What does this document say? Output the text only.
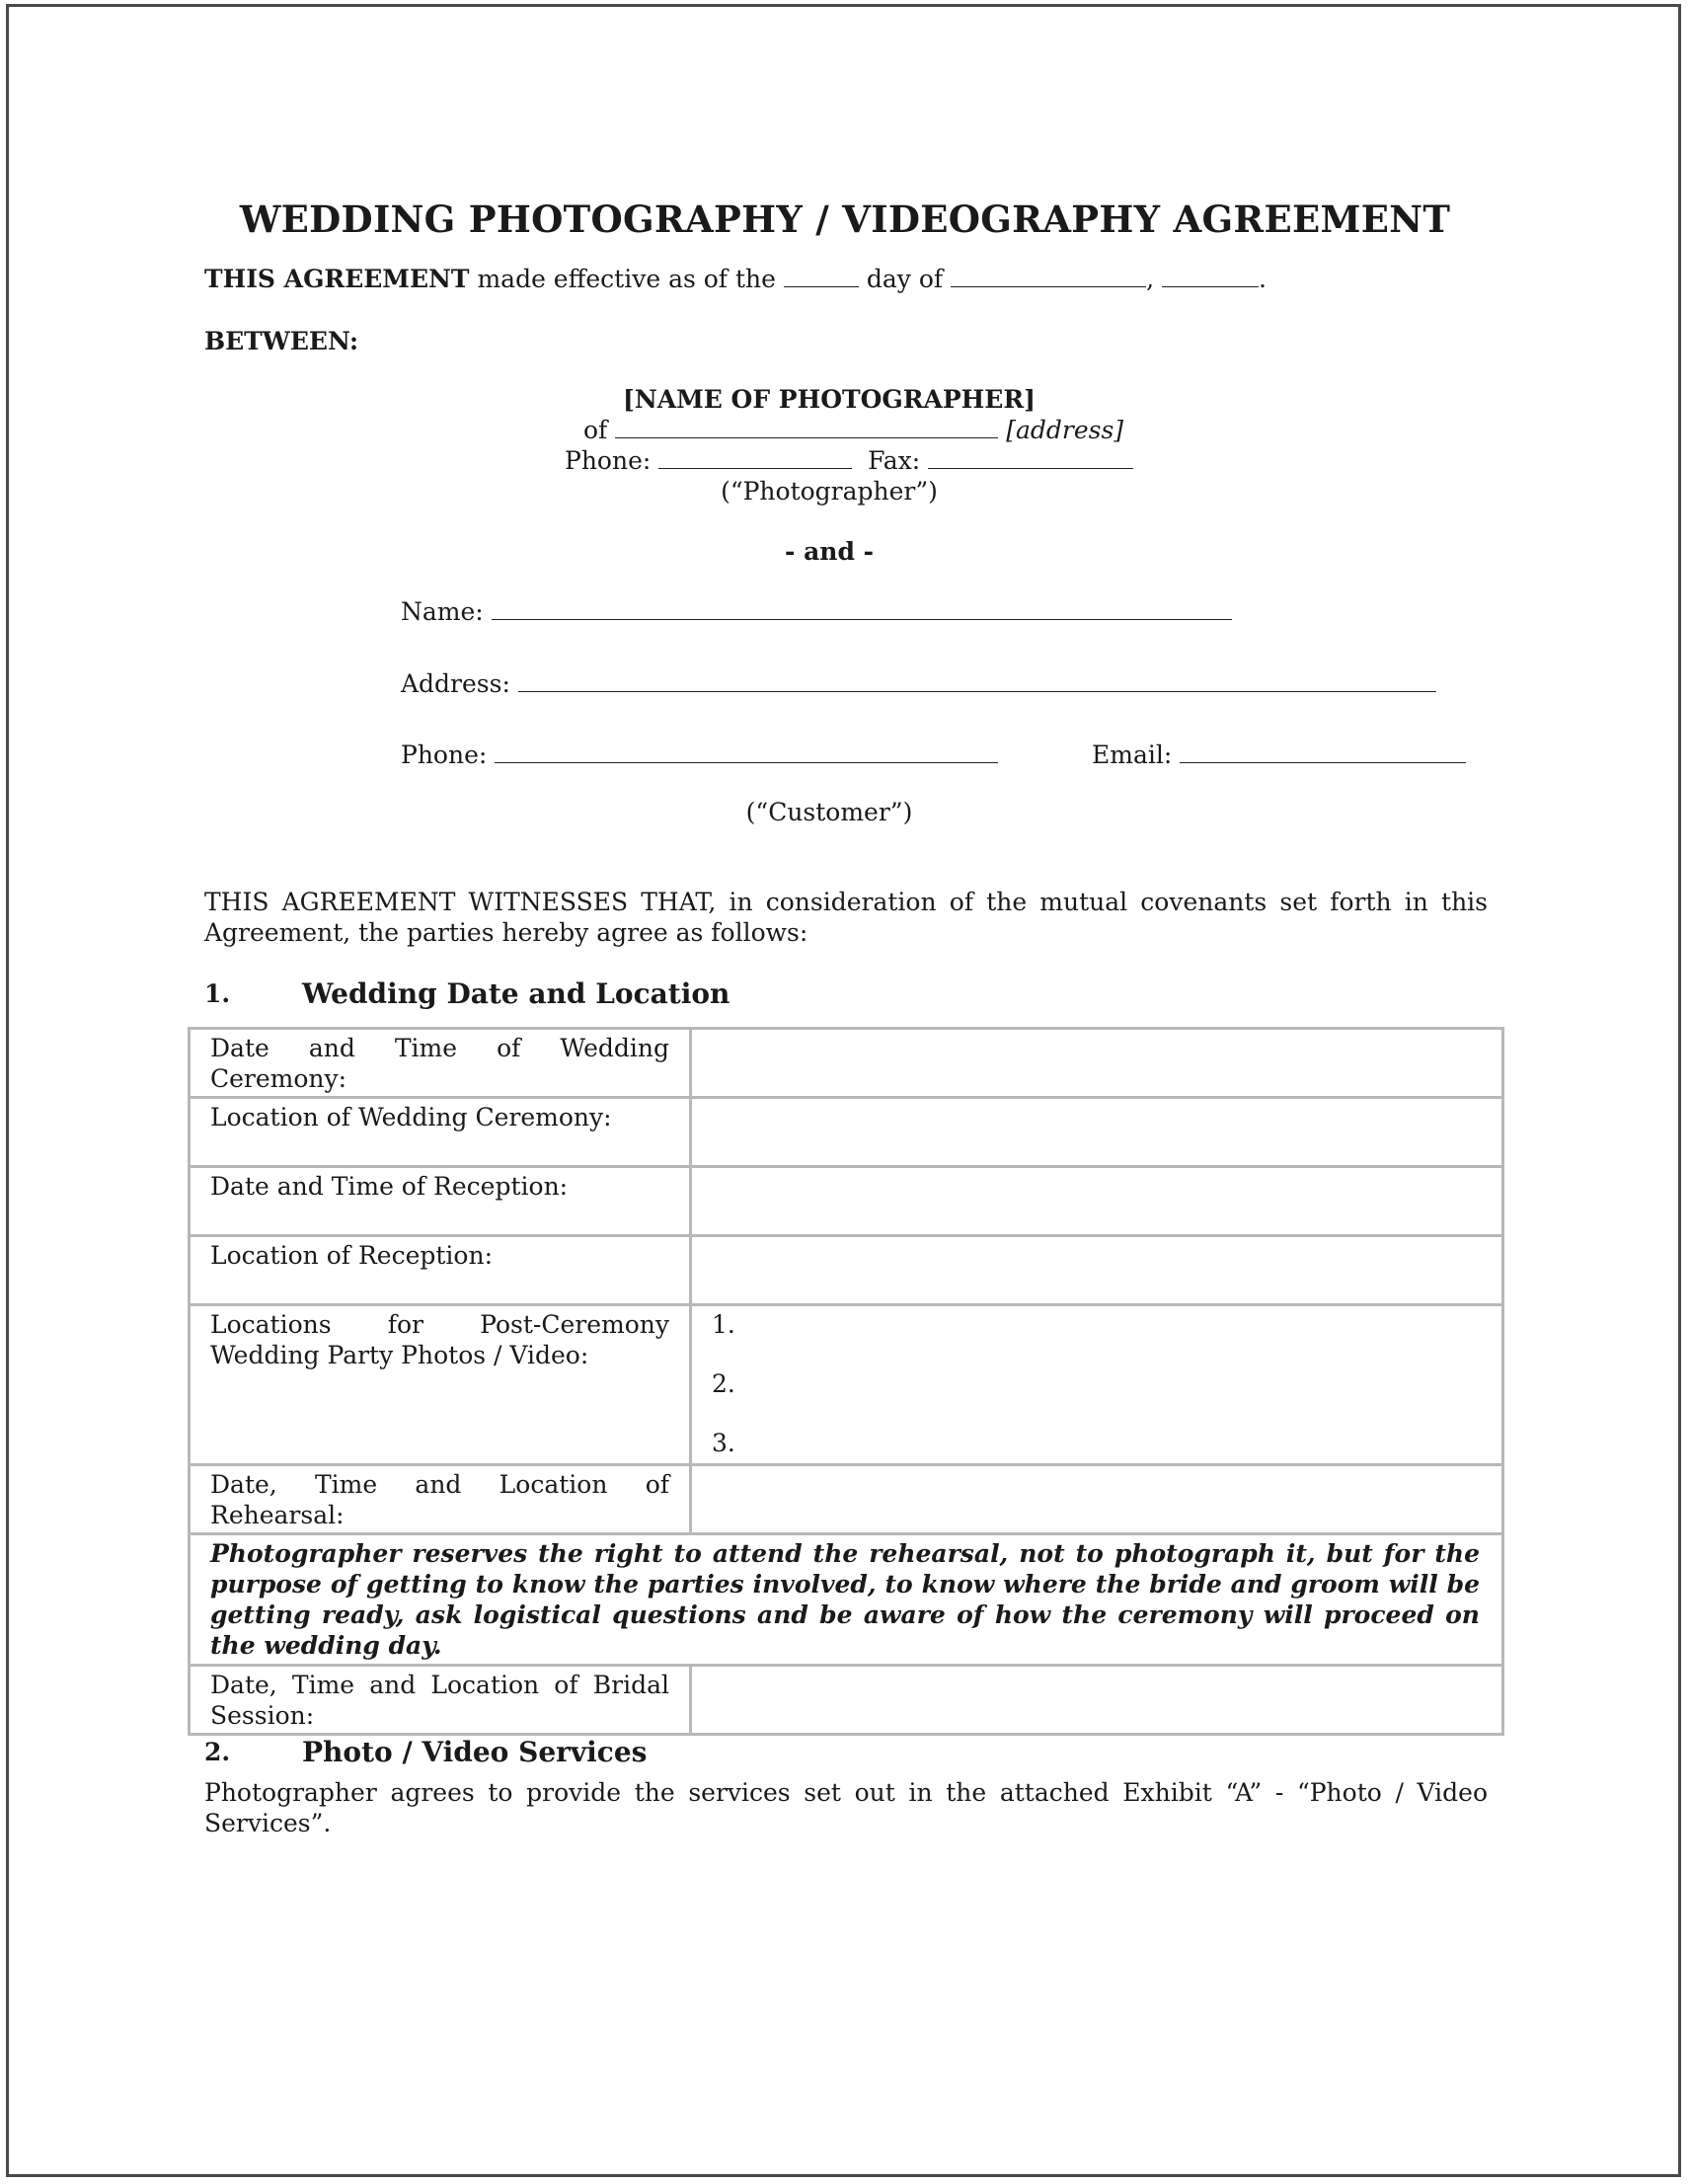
WEDDING PHOTOGRAPHY / VIDEOGRAPHY AGREEMENT
THIS AGREEMENT made effective as of the	day of	,	.
BETWEEN:
[NAME OF PHOTOGRAPHER]
of	[address]
Phone:	Fax:
(“Photographer”)
- and -
Name:
Address:
Phone:	Email:
(“Customer”)
THIS AGREEMENT WITNESSES THAT, in consideration of the mutual covenants set forth in this Agreement, the parties hereby agree as follows:
1.	Wedding Date and Location
Date and Time of Wedding Ceremony:	
Location of Wedding Ceremony:	
Date and Time of Reception:	
Location of Reception:	
Locations for Post-Ceremony Wedding Party Photos / Video:	1.
2.
3.

Date, Time and Location of Rehearsal:	
Photographer reserves the right to attend the rehearsal, not to photograph it, but for the purpose of getting to know the parties involved, to know where the bride and groom will be getting ready, ask logistical questions and be aware of how the ceremony will proceed on the wedding day.	
Date, Time and Location of Bridal Session:	
2.	Photo / Video Services
Photographer agrees to provide the services set out in the attached Exhibit “A” - “Photo / Video Services”.
